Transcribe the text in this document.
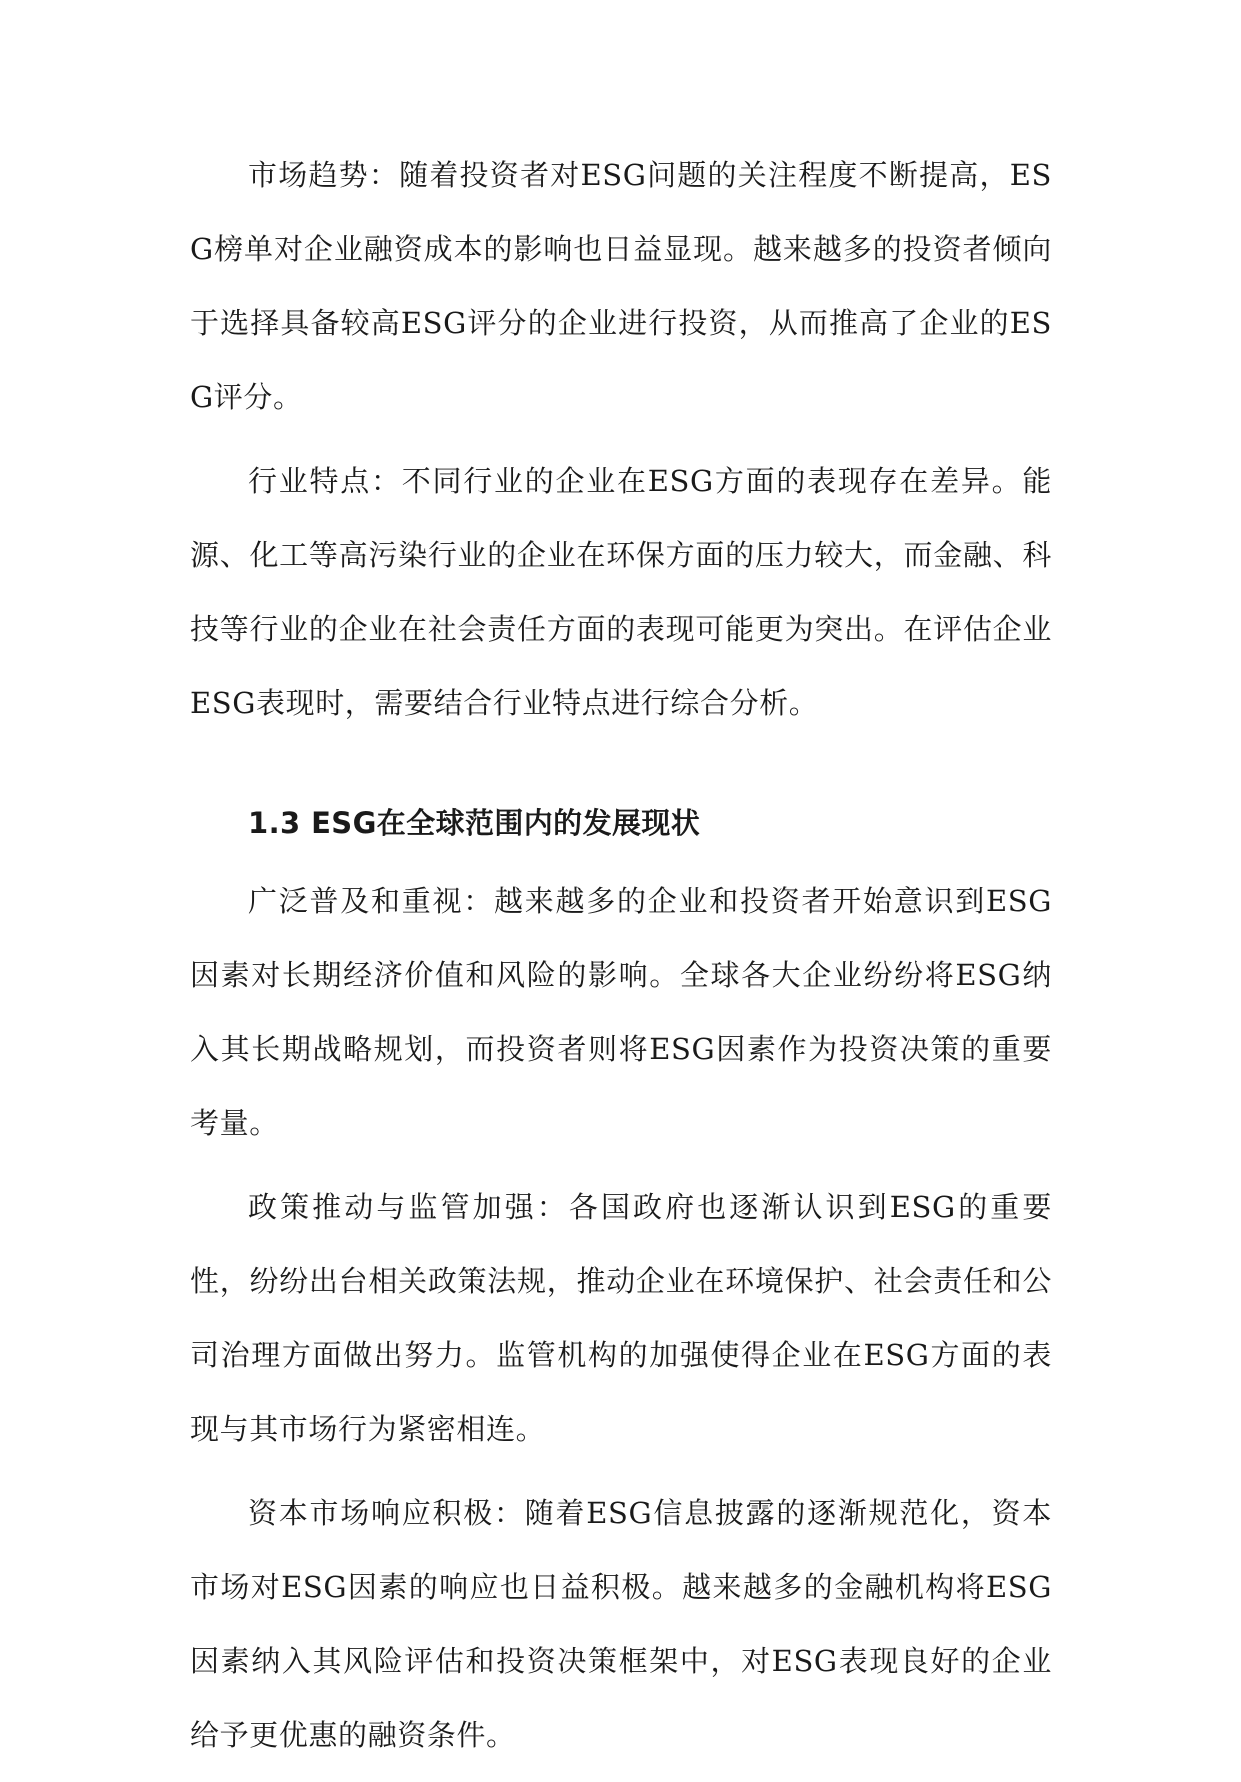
市场趋势：随着投资者对ESG问题的关注程度不断提高，ESG榜单对企业融资成本的影响也日益显现。越来越多的投资者倾向于选择具备较高ESG评分的企业进行投资，从而推高了企业的ESG评分。

行业特点：不同行业的企业在ESG方面的表现存在差异。能源、化工等高污染行业的企业在环保方面的压力较大，而金融、科技等行业的企业在社会责任方面的表现可能更为突出。在评估企业ESG表现时，需要结合行业特点进行综合分析。

1.3 ESG在全球范围内的发展现状

广泛普及和重视：越来越多的企业和投资者开始意识到ESG因素对长期经济价值和风险的影响。全球各大企业纷纷将ESG纳入其长期战略规划，而投资者则将ESG因素作为投资决策的重要考量。

政策推动与监管加强：各国政府也逐渐认识到ESG的重要性，纷纷出台相关政策法规，推动企业在环境保护、社会责任和公司治理方面做出努力。监管机构的加强使得企业在ESG方面的表现与其市场行为紧密相连。

资本市场响应积极：随着ESG信息披露的逐渐规范化，资本市场对ESG因素的响应也日益积极。越来越多的金融机构将ESG因素纳入其风险评估和投资决策框架中，对ESG表现良好的企业给予更优惠的融资条件。
